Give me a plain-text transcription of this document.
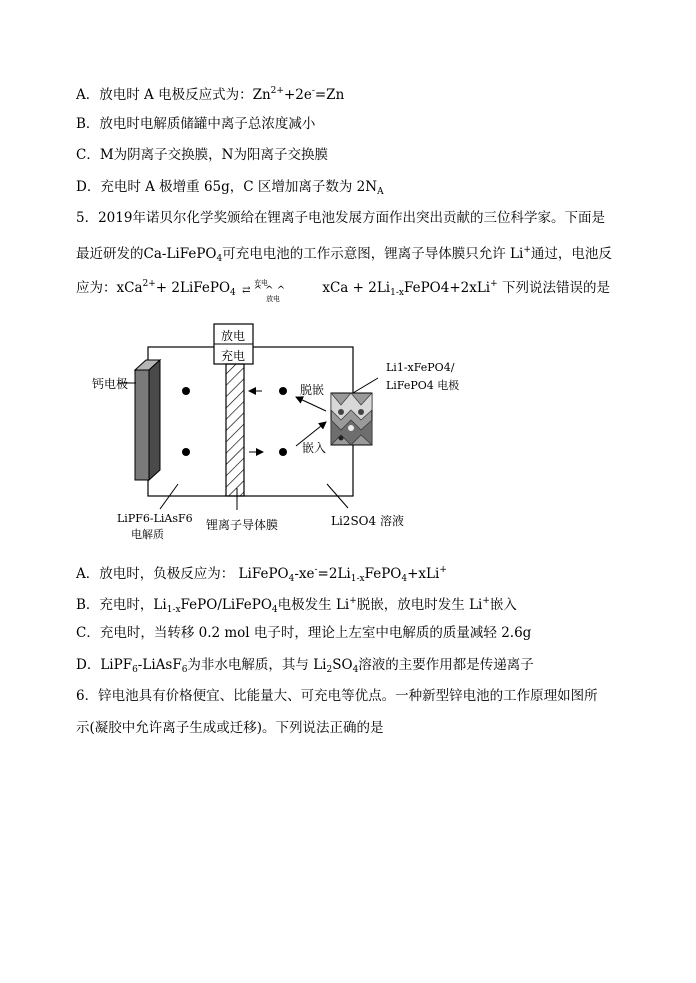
A．放电时 A 电极反应式为：$Zn^{2+}+2e^-=Zn$
B．放电时电解质储罐中离子总浓度减小
C．M为阴离子交换膜，N为阳离子交换膜
D．充电时 A 极增重 65g，C 区增加离子数为 $2N_A$
5．2019年诺贝尔化学奖颁给在锂离子电池发展方面作出突出贡献的三位科学家。下面是
最近研发的Ca-LiFePO$_4$可充电电池的工作示意图，锂离子导体膜只允许 Li+通过，电池反
应为：xCa$^{2+}$+ 2LiFePO$_4$
充电
⇄ ^ ^ ^
放电
xCa + $2Li_{1-x}FePO4+2xLi^+$ 下列说法错误的是
放电
充电
钙电极	脱嵌
嵌入
Li1-xFePO4/
LiFePO4 电极
LiPF6-LiAsF6
电解质
锂离子导体膜	Li2SO4 溶液
A．放电时，负极反应为： $LiFePO_4-xe^-=2Li_{1-x}FePO_4+xLi^+$
B．充电时，$Li_{1-x}FePO/LiFePO_4$电极发生 Li+脱嵌，放电时发生 Li+嵌入
C．充电时，当转移 0.2 mol 电子时，理论上左室中电解质的质量减轻 2.6g
D．LiPF$_6$-LiAsF$_6$为非水电解质，其与 $Li_2SO_4$溶液的主要作用都是传递离子
6．锌电池具有价格便宜、比能量大、可充电等优点。一种新型锌电池的工作原理如图所
示(凝胶中允许离子生成或迁移)。下列说法正确的是
